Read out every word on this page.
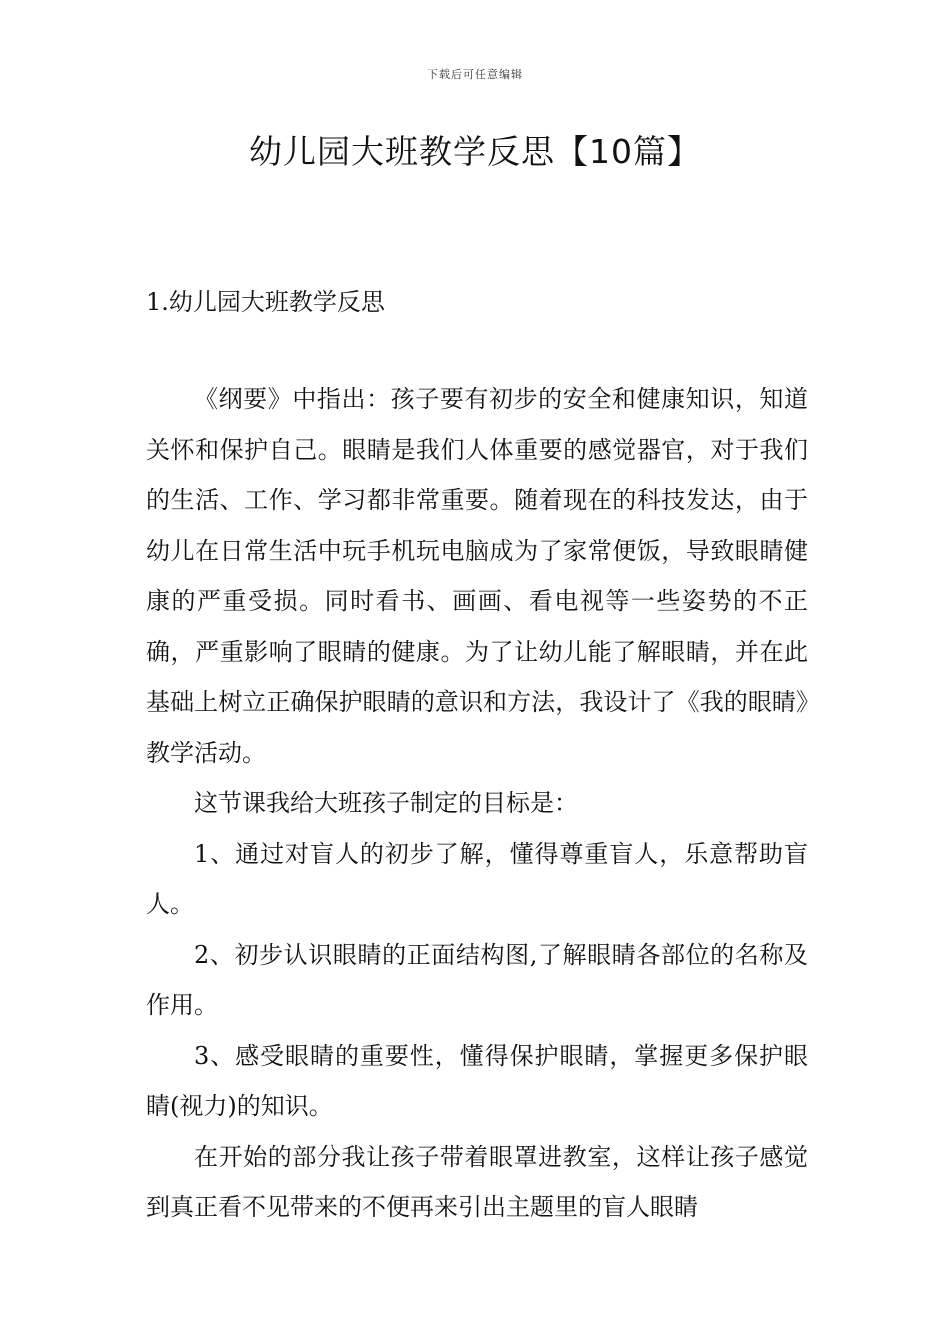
下载后可任意编辑
幼儿园大班教学反思【10篇】
1.幼儿园大班教学反思

《纲要》中指出：孩子要有初步的安全和健康知识，知道关怀和保护自己。眼睛是我们人体重要的感觉器官，对于我们的生活、工作、学习都非常重要。随着现在的科技发达，由于幼儿在日常生活中玩手机玩电脑成为了家常便饭，导致眼睛健康的严重受损。同时看书、画画、看电视等一些姿势的不正确，严重影响了眼睛的健康。为了让幼儿能了解眼睛，并在此基础上树立正确保护眼睛的意识和方法，我设计了《我的眼睛》教学活动。

这节课我给大班孩子制定的目标是：

1、通过对盲人的初步了解，懂得尊重盲人，乐意帮助盲人。

2、初步认识眼睛的正面结构图,了解眼睛各部位的名称及作用。

3、感受眼睛的重要性，懂得保护眼睛，掌握更多保护眼睛(视力)的知识。

在开始的部分我让孩子带着眼罩进教室，这样让孩子感觉到真正看不见带来的不便再来引出主题里的盲人眼睛
